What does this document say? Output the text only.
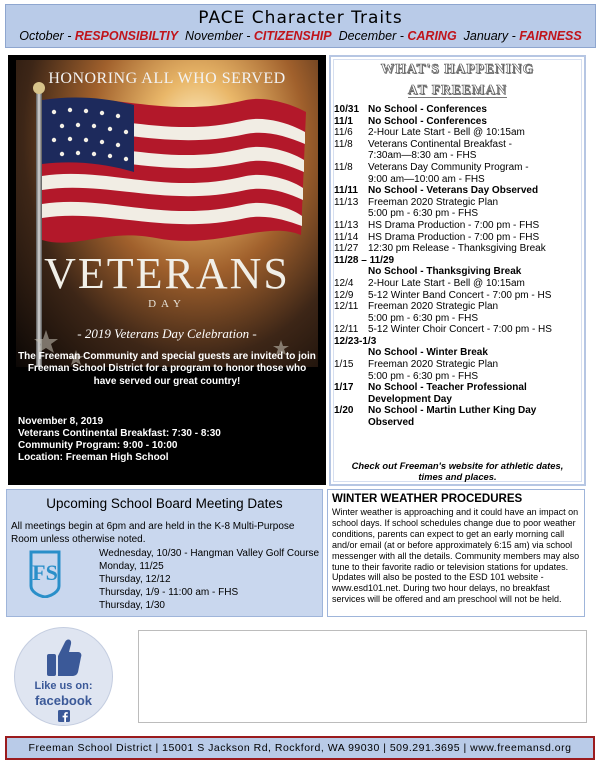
PACE Character Traits
October - RESPONSIBILTIY November - CITIZENSHIP December - CARING January - FAIRNESS
HONORING ALL WHO SERVED
VETERANS
DAY
- 2019 Veterans Day Celebration -
The Freeman Community and special guests are invited to join Freeman School District for a program to honor those who have served our great country!
November 8, 2019
Veterans Continental Breakfast: 7:30 - 8:30
Community Program: 9:00 - 10:00
Location: Freeman High School
WHAT'S HAPPENING
AT FREEMAN
10/31 No School - Conferences
11/1	No School - Conferences
11/6	2-Hour Late Start - Bell @ 10:15am
11/8	Veterans Continental Breakfast -
7:30am—8:30 am - FHS
11/8	Veterans Day Community Program -
9:00 am—10:00 am - FHS
11/11	No School - Veterans Day Observed
11/13 Freeman 2020 Strategic Plan
5:00 pm - 6:30 pm - FHS
11/13 HS Drama Production - 7:00 pm - FHS
11/14 HS Drama Production - 7:00 pm - FHS
11/27 12:30 pm Release - Thanksgiving Break
11/28 – 11/29
No School - Thanksgiving Break
12/4	2-Hour Late Start - Bell @ 10:15am
12/9	5-12 Winter Band Concert - 7:00 pm - HS
12/11 Freeman 2020 Strategic Plan
5:00 pm - 6:30 pm - FHS
12/11 5-12 Winter Choir Concert - 7:00 pm - HS
12/23-1/3
No School - Winter Break
1/15	Freeman 2020 Strategic Plan
5:00 pm - 6:30 pm - FHS
1/17	No School - Teacher Professional
Development Day
1/20	No School - Martin Luther King Day
Observed
Check out Freeman's website for athletic dates,
times and places.
Upcoming School Board Meeting Dates
All meetings begin at 6pm and are held in the K-8 Multi-Purpose Room unless otherwise noted.
FS
Wednesday, 10/30 - Hangman Valley Golf Course
Monday, 11/25
Thursday, 12/12
Thursday, 1/9 - 11:00 am - FHS
Thursday, 1/30
WINTER WEATHER PROCEDURES
Winter weather is approaching and it could have an impact on school days. If school schedules change due to poor weather conditions, parents can expect to get an early morning call and/or email (at or before approximately 6:15 am) via school messenger with all the details. Community members may also tune to their favorite radio or television stations for updates. Updates will also be posted to the ESD 101 website - www.esd101.net. During two hour delays, no breakfast services will be offered and am preschool will not be held.
Like us on:
facebook
Freeman School District | 15001 S Jackson Rd, Rockford, WA 99030 | 509.291.3695 | www.freemansd.org
